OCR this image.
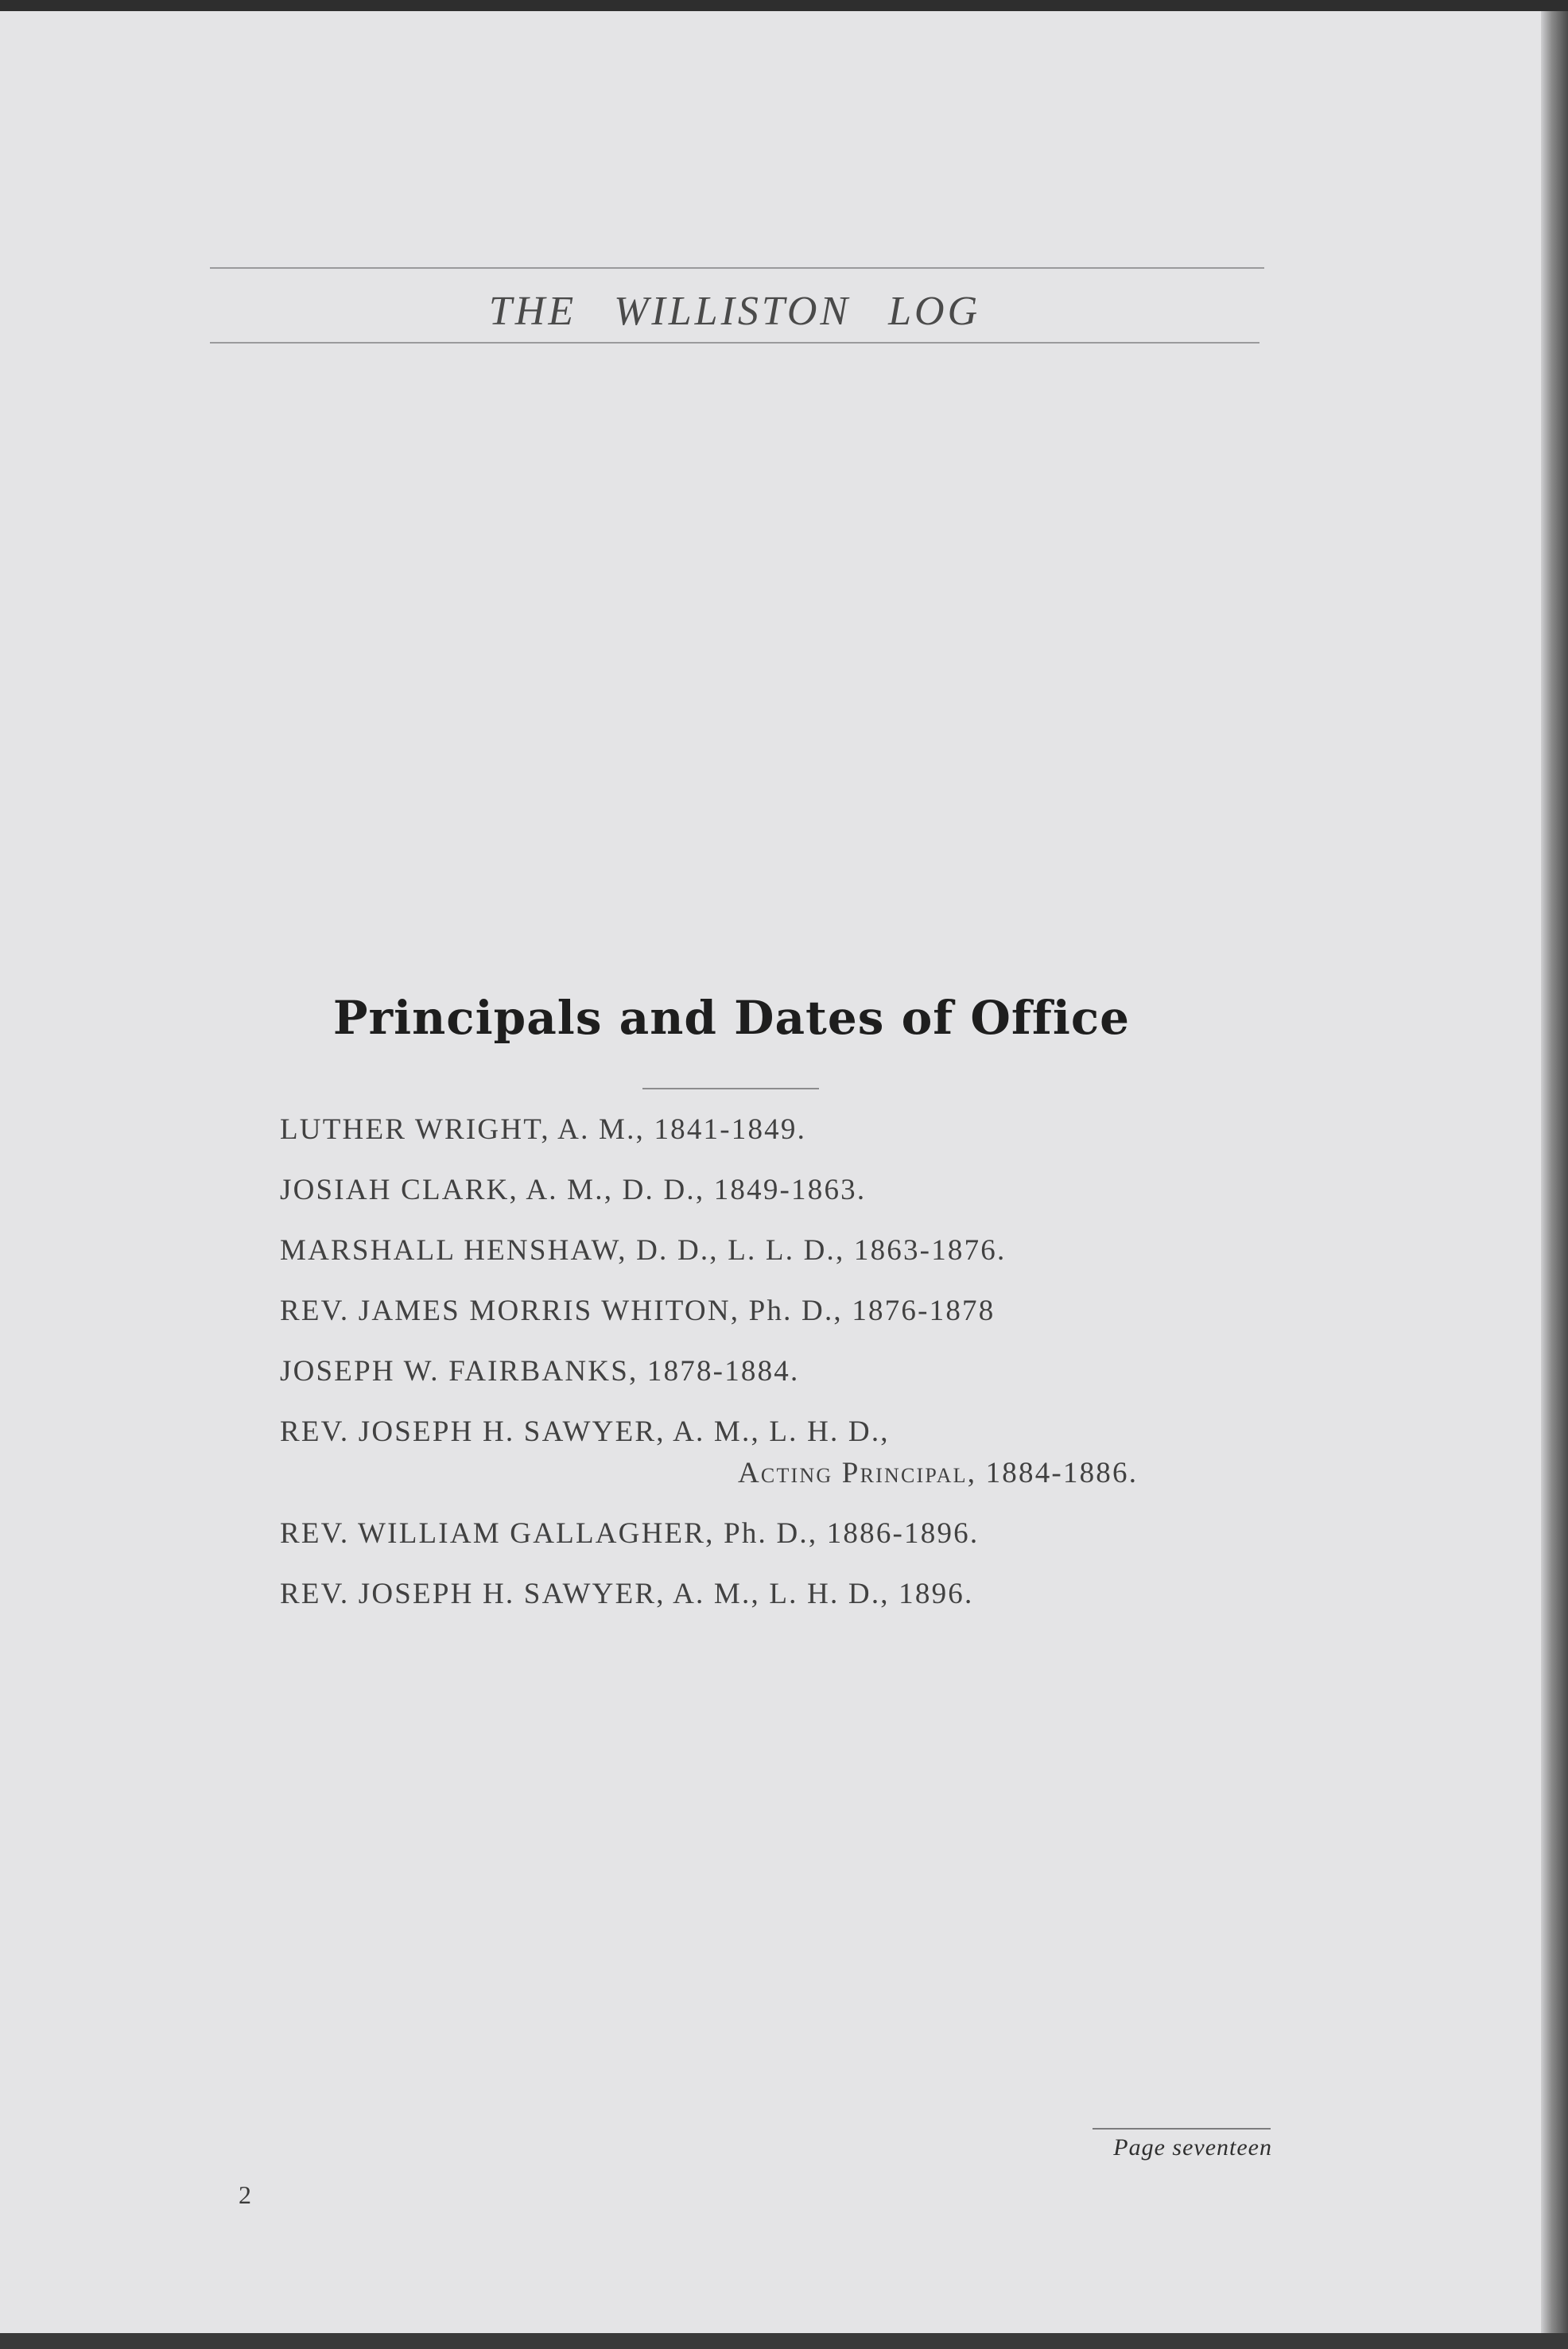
THE WILLISTON LOG
Principals and Dates of Office
LUTHER WRIGHT, A. M., 1841-1849.
JOSIAH CLARK, A. M., D. D., 1849-1863.
MARSHALL HENSHAW, D. D., L. L. D., 1863-1876.
REV. JAMES MORRIS WHITON, Ph. D., 1876-1878
JOSEPH W. FAIRBANKS, 1878-1884.
REV. JOSEPH H. SAWYER, A. M., L. H. D.,
Acting Principal, 1884-1886.
REV. WILLIAM GALLAGHER, Ph. D., 1886-1896.
REV. JOSEPH H. SAWYER, A. M., L. H. D., 1896.
Page seventeen
2
